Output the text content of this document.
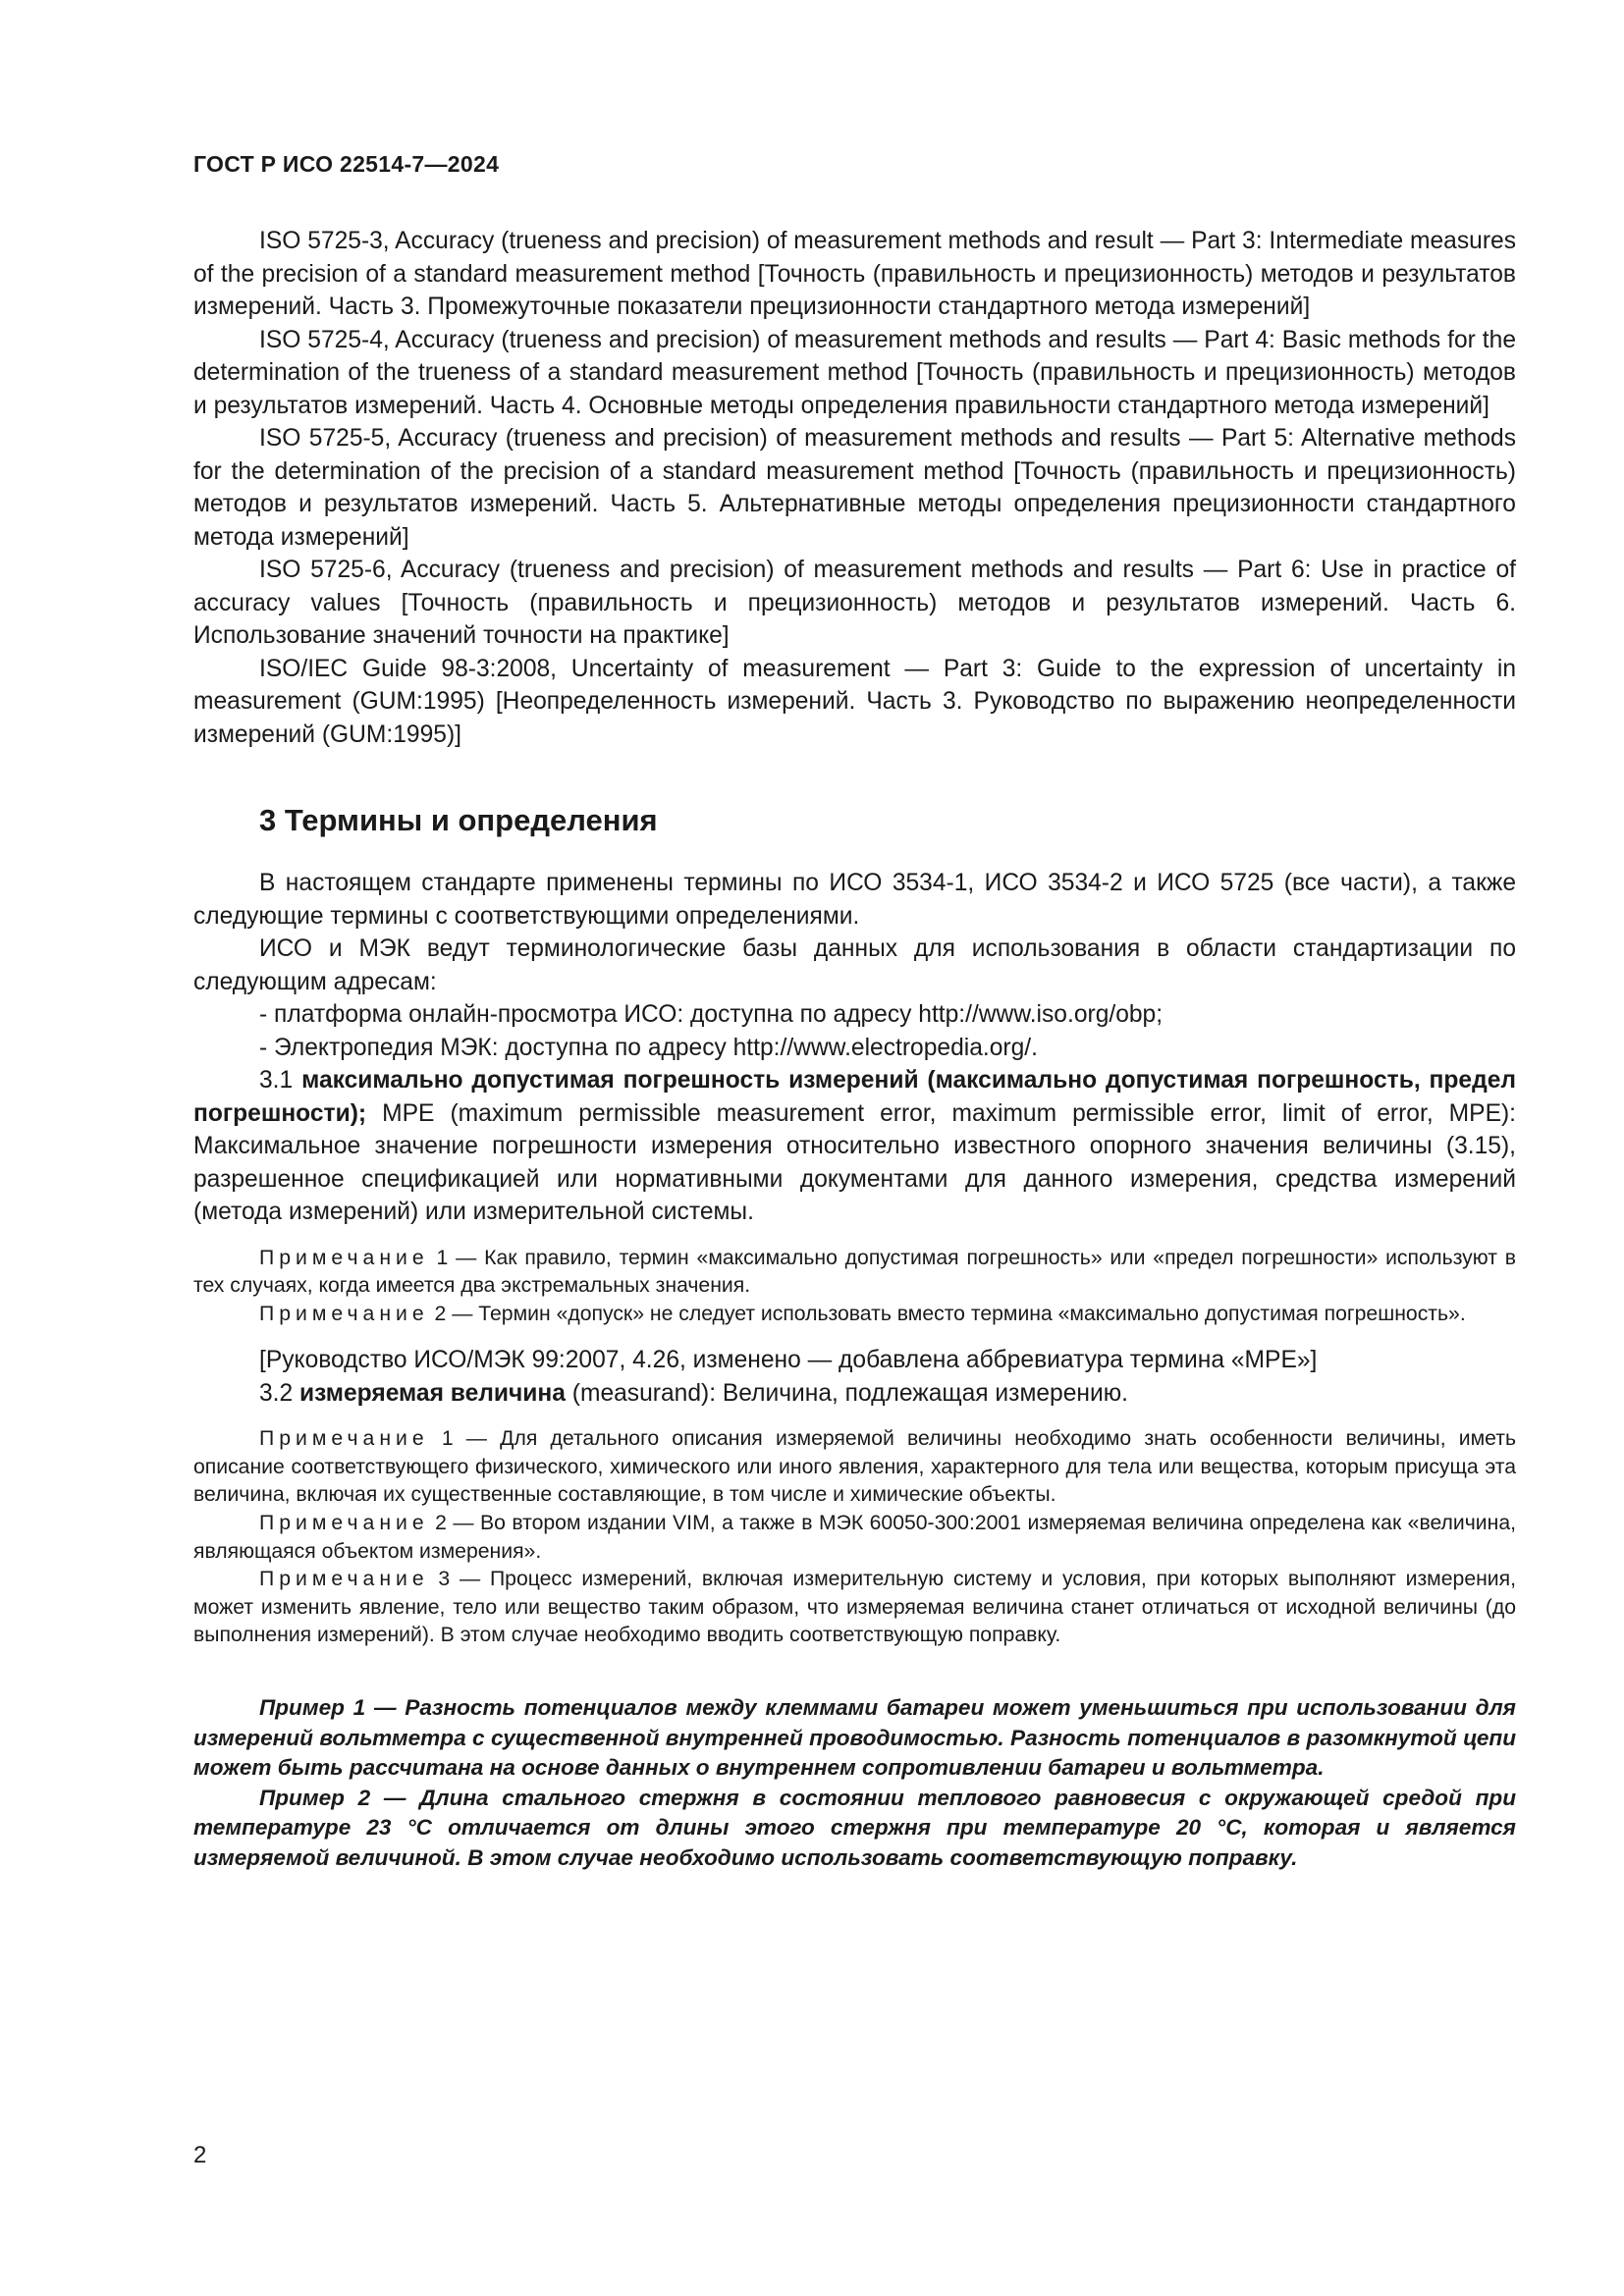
ГОСТ Р ИСО 22514-7—2024

ISO 5725-3, Accuracy (trueness and precision) of measurement methods and result — Part 3: Intermediate measures of the precision of a standard measurement method [Точность (правильность и прецизионность) методов и результатов измерений. Часть 3. Промежуточные показатели прецизионности стандартного метода измерений]

ISO 5725-4, Accuracy (trueness and precision) of measurement methods and results — Part 4: Basic methods for the determination of the trueness of a standard measurement method [Точность (правильность и прецизионность) методов и результатов измерений. Часть 4. Основные методы определения правильности стандартного метода измерений]

ISO 5725-5, Accuracy (trueness and precision) of measurement methods and results — Part 5: Alternative methods for the determination of the precision of a standard measurement method [Точность (правильность и прецизионность) методов и результатов измерений. Часть 5. Альтернативные методы определения прецизионности стандартного метода измерений]

ISO 5725-6, Accuracy (trueness and precision) of measurement methods and results — Part 6: Use in practice of accuracy values [Точность (правильность и прецизионность) методов и результатов измерений. Часть 6. Использование значений точности на практике]

ISO/IEC Guide 98-3:2008, Uncertainty of measurement — Part 3: Guide to the expression of uncertainty in measurement (GUM:1995) [Неопределенность измерений. Часть 3. Руководство по выражению неопределенности измерений (GUM:1995)]

3 Термины и определения

В настоящем стандарте применены термины по ИСО 3534-1, ИСО 3534-2 и ИСО 5725 (все части), а также следующие термины с соответствующими определениями.

ИСО и МЭК ведут терминологические базы данных для использования в области стандартизации по следующим адресам:

- платформа онлайн-просмотра ИСО: доступна по адресу http://www.iso.org/obp;

- Электропедия МЭК: доступна по адресу http://www.electropedia.org/.

3.1 максимально допустимая погрешность измерений (максимально допустимая погрешность, предел погрешности); MPE (maximum permissible measurement error, maximum permissible error, limit of error, MPE): Максимальное значение погрешности измерения относительно известного опорного значения величины (3.15), разрешенное спецификацией или нормативными документами для данного измерения, средства измерений (метода измерений) или измерительной системы.

Примечание 1 — Как правило, термин «максимально допустимая погрешность» или «предел погрешности» используют в тех случаях, когда имеется два экстремальных значения.

Примечание 2 — Термин «допуск» не следует использовать вместо термина «максимально допустимая погрешность».

[Руководство ИСО/МЭК 99:2007, 4.26, изменено — добавлена аббревиатура термина «MPE»]

3.2 измеряемая величина (measurand): Величина, подлежащая измерению.

Примечание 1 — Для детального описания измеряемой величины необходимо знать особенности величины, иметь описание соответствующего физического, химического или иного явления, характерного для тела или вещества, которым присуща эта величина, включая их существенные составляющие, в том числе и химические объекты.

Примечание 2 — Во втором издании VIM, а также в МЭК 60050-300:2001 измеряемая величина определена как «величина, являющаяся объектом измерения».

Примечание 3 — Процесс измерений, включая измерительную систему и условия, при которых выполняют измерения, может изменить явление, тело или вещество таким образом, что измеряемая величина станет отличаться от исходной величины (до выполнения измерений). В этом случае необходимо вводить соответствующую поправку.

Пример 1 — Разность потенциалов между клеммами батареи может уменьшиться при использовании для измерений вольтметра с существенной внутренней проводимостью. Разность потенциалов в разомкнутой цепи может быть рассчитана на основе данных о внутреннем сопротивлении батареи и вольтметра.

Пример 2 — Длина стального стержня в состоянии теплового равновесия с окружающей средой при температуре 23 °C отличается от длины этого стержня при температуре 20 °C, которая и является измеряемой величиной. В этом случае необходимо использовать соответствующую поправку.

2
